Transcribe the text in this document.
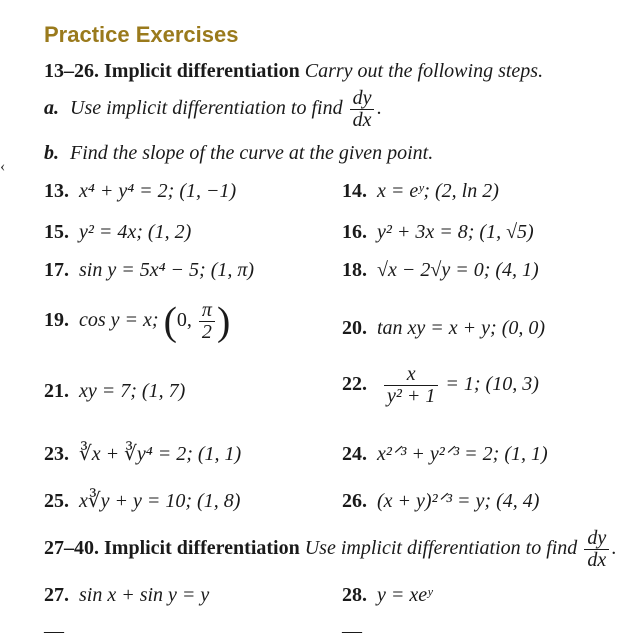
Practice Exercises
13–26. Implicit differentiation Carry out the following steps.
a. Use implicit differentiation to find $\frac{dy}{dx}$ .
b. Find the slope of the curve at the given point.
‹
13. x⁴ + y⁴ = 2; (1, −1)
15. y² = 4x; (1, 2)
17. sin y = 5x⁴ − 5; (1, π)
19. cos y = x; (0, $\frac{\pi}{2}$ )
21. xy = 7; (1, 7)
23. ∛x + ∛y⁴ = 2; (1, 1)
25. x∛y + y = 10; (1, 8)
14. x = eʸ; (2, ln 2)
16. y² + 3x = 8; (1, √5)
18. √x − 2√y = 0; (4, 1)
20. tan xy = x + y; (0, 0)
22. $\frac{x}{\text{y² + 1}} = 1$; (10, 3)
24. x²ᐟ³ + y²ᐟ³ = 2; (1, 1)
26. (x + y)²ᐟ³ = y; (4, 4)
27–40. Implicit differentiation Use implicit differentiation to find $\frac{dy}{dx}$ .
27. sin x + sin y = y	28. y = xeʸ
—	—
